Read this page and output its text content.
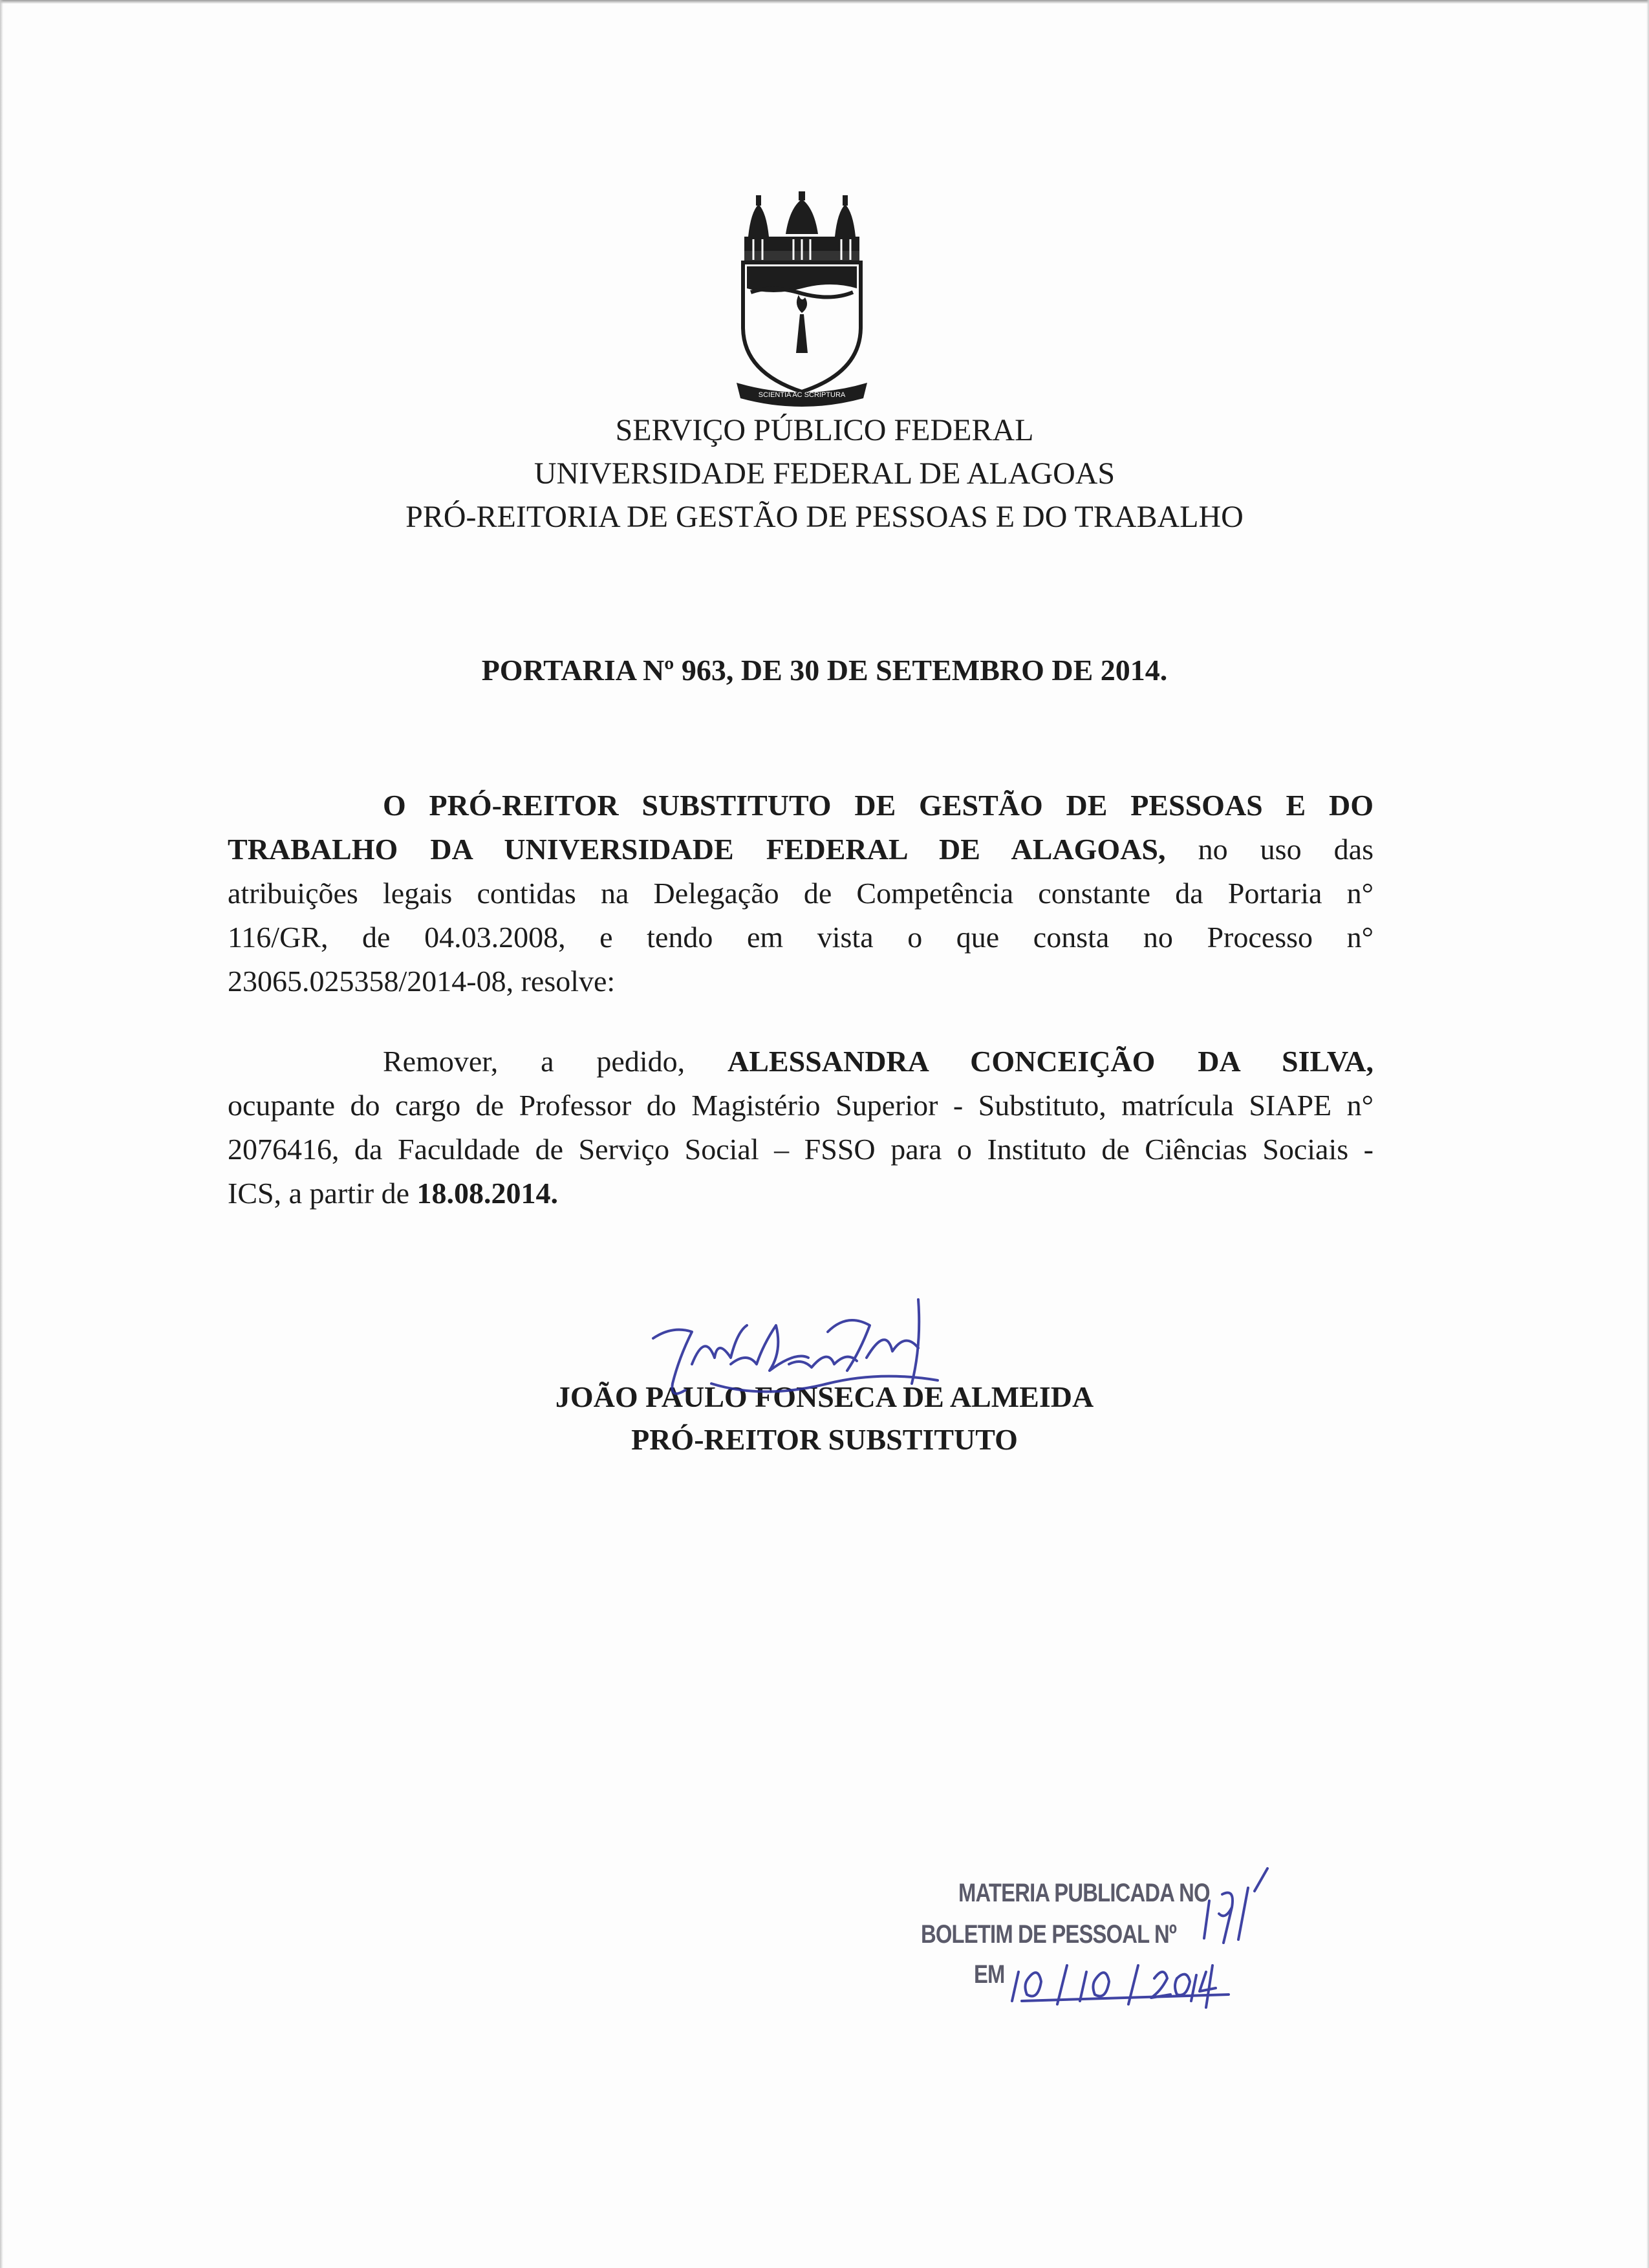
SCIENTIA AC SCRIPTURA
SERVIÇO PÚBLICO FEDERAL
UNIVERSIDADE FEDERAL DE ALAGOAS
PRÓ-REITORIA DE GESTÃO DE PESSOAS E DO TRABALHO
PORTARIA Nº 963, DE 30 DE SETEMBRO DE 2014.
O PRÓ-REITOR SUBSTITUTO DE GESTÃO DE PESSOAS E DO
TRABALHO DA UNIVERSIDADE FEDERAL DE ALAGOAS, no uso das
atribuições legais contidas na Delegação de Competência constante da Portaria n°
116/GR, de 04.03.2008, e tendo em vista o que consta no Processo n°
23065.025358/2014-08, resolve:
Remover, a pedido, ALESSANDRA CONCEIÇÃO DA SILVA,
ocupante do cargo de Professor do Magistério Superior - Substituto, matrícula SIAPE n°
2076416, da Faculdade de Serviço Social – FSSO para o Instituto de Ciências Sociais -
ICS, a partir de 18.08.2014.
JOÃO PAULO FONSECA DE ALMEIDA
PRÓ-REITOR SUBSTITUTO
MATERIA PUBLICADA NO
BOLETIM DE PESSOAL Nº
EM
